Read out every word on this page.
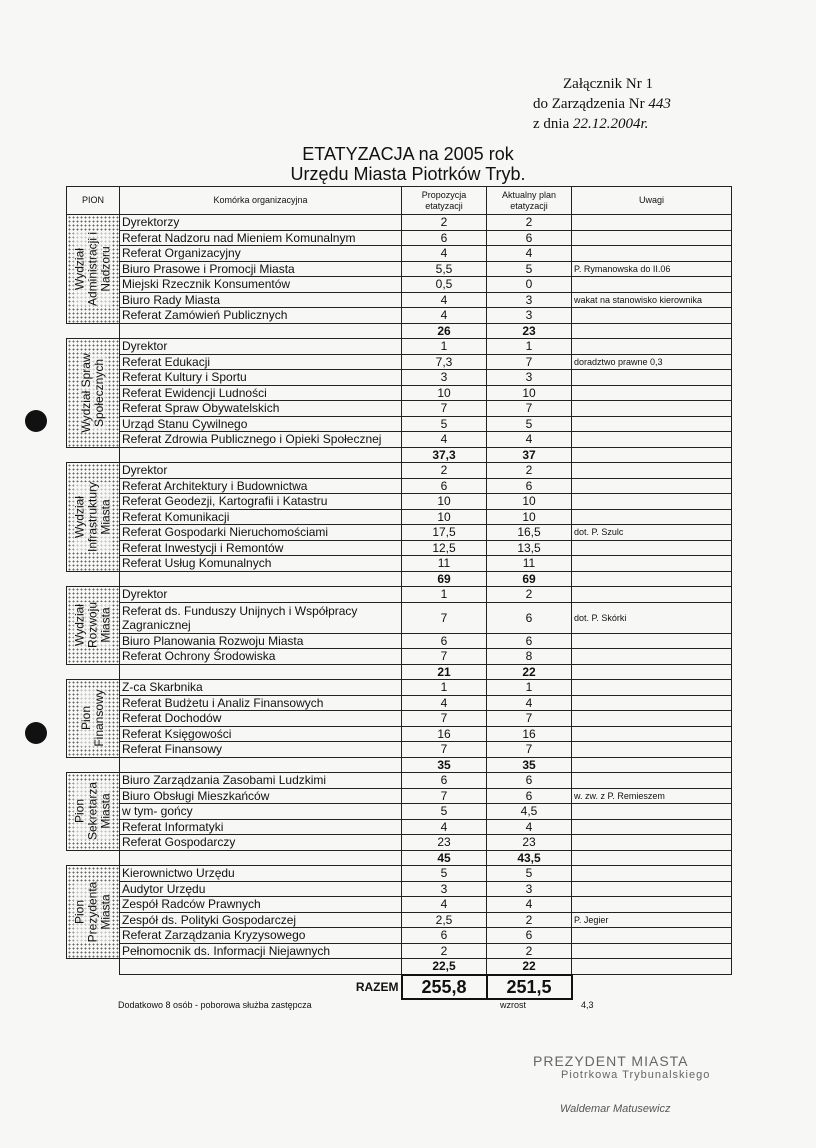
Załącznik Nr 1
do Zarządzenia Nr 443
z dnia 22.12.2004r.
ETATYZACJA na 2005 rok
Urzędu Miasta Piotrków Tryb.
PION	Komórka organizacyjna	Propozycja etatyzacji	Aktualny plan etatyzacji	Uwagi

Wydział
Administracji i
Nadzoru	Dyrektorzy	2	2	
	Referat Nadzoru nad Mieniem Komunalnym	6	6	
	Referat Organizacyjny	4	4	
	Biuro Prasowe i Promocji Miasta	5,5	5	P. Rymanowska do II.06
	Miejski Rzecznik Konsumentów	0,5	0	
	Biuro Rady Miasta	4	3	wakat na stanowisko kierownika
	Referat Zamówień Publicznych	4	3	
		26	23	

Wydział Spraw
Społecznych	Dyrektor	1	1	
	Referat Edukacji	7,3	7	doradztwo prawne 0,3
	Referat Kultury i Sportu	3	3	
	Referat Ewidencji Ludności	10	10	
	Referat Spraw Obywatelskich	7	7	
	Urząd Stanu Cywilnego	5	5	
	Referat Zdrowia Publicznego i Opieki Społecznej	4	4	
		37,3	37	

Wydział
Infrastruktury
Miasta	Dyrektor	2	2	
	Referat Architektury i Budownictwa	6	6	
	Referat Geodezji, Kartografii i Katastru	10	10	
	Referat Komunikacji	10	10	
	Referat Gospodarki Nieruchomościami	17,5	16,5	dot. P. Szulc
	Referat Inwestycji i Remontów	12,5	13,5	
	Referat Usług Komunalnych	11	11	
		69	69	

Wydział
Rozwoju
Miasta	Dyrektor	1	2	
	Referat ds. Funduszy Unijnych i Współpracy Zagranicznej	7	6	dot. P. Skórki
	Biuro Planowania Rozwoju Miasta	6	6	
	Referat Ochrony Środowiska	7	8	
		21	22	

Pion
Finansowy	Z-ca Skarbnika	1	1	
	Referat Budżetu i Analiz Finansowych	4	4	
	Referat Dochodów	7	7	
	Referat Księgowości	16	16	
	Referat Finansowy	7	7	
		35	35	

Pion
Sekretarza
Miasta	Biuro Zarządzania Zasobami Ludzkimi	6	6	
	Biuro Obsługi Mieszkańców	7	6	w. zw. z P. Remieszem
	w tym- gońcy	5	4,5	
	Referat Informatyki	4	4	
	Referat Gospodarczy	23	23	
		45	43,5	

Pion
Prezydenta
Miasta	Kierownictwo Urzędu	5	5	
	Audytor Urzędu	3	3	
	Zespół Radców Prawnych	4	4	
	Zespół ds. Polityki Gospodarczej	2,5	2	P. Jegier
	Referat Zarządzania Kryzysowego	6	6	
	Pełnomocnik ds. Informacji Niejawnych	2	2	
		22,5	22	
RAZEM		255,8	251,5	
Dodatkowo 8 osób - poborowa służba zastępcza	wzrost	4,3
PREZYDENT MIASTA
Piotrkowa Trybunalskiego
Waldemar Matusewicz
